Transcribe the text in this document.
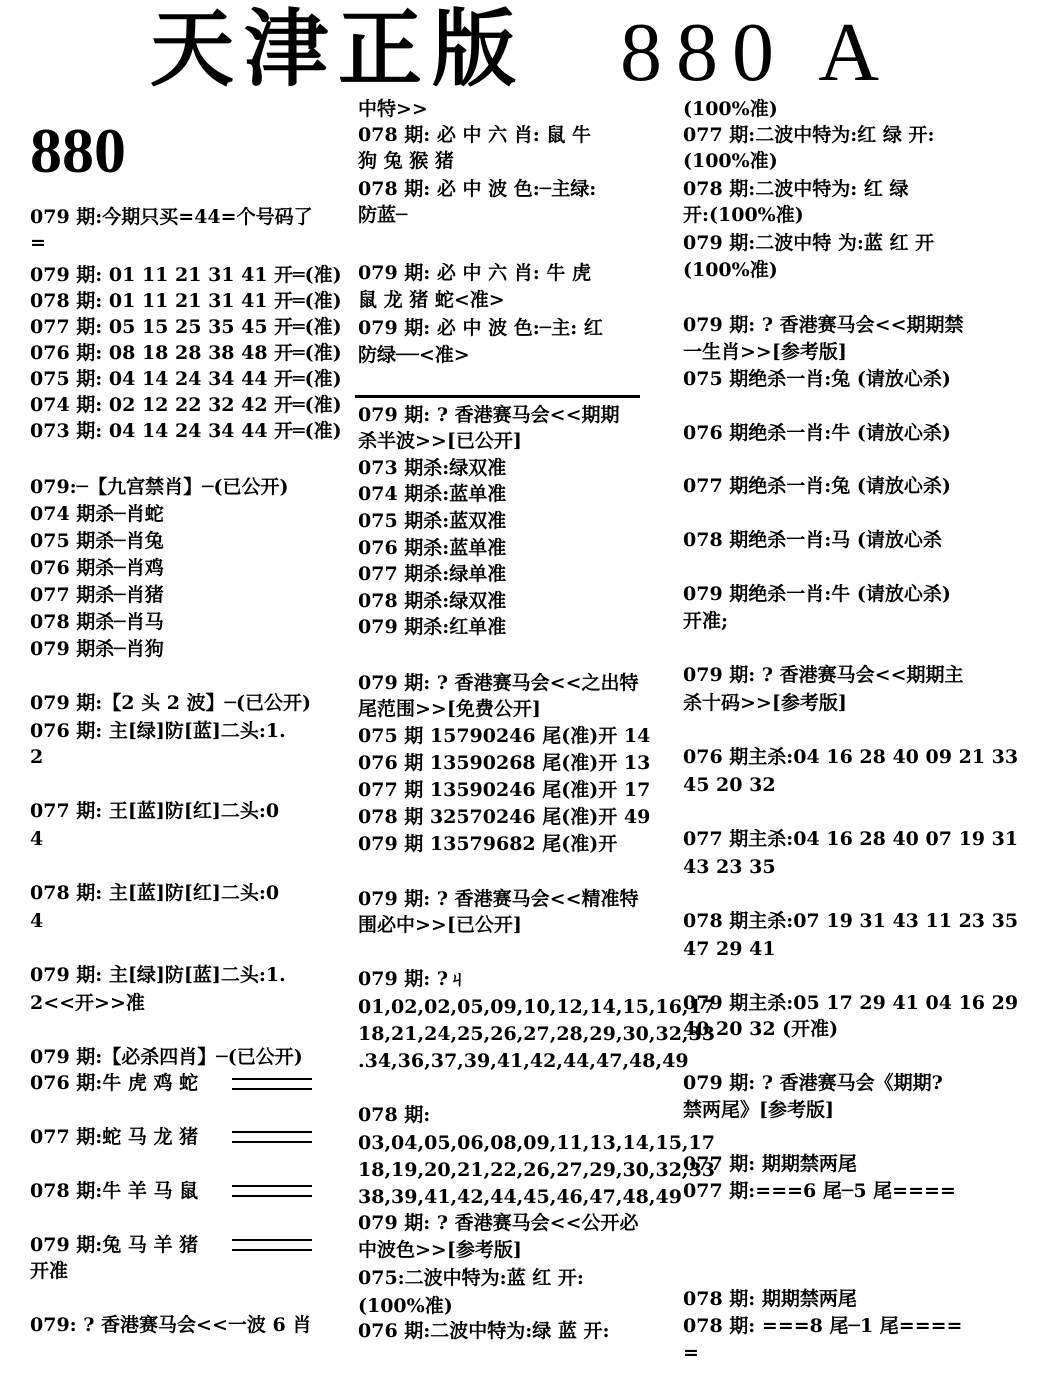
天津正版 880 A
880
079 期:今期只买=44=个号码了
=
079 期: 01 11 21 31 41 开═(准)
078 期: 01 11 21 31 41 开═(准)
077 期: 05 15 25 35 45 开═(准)
076 期: 08 18 28 38 48 开═(准)
075 期: 04 14 24 34 44 开═(准)
074 期: 02 12 22 32 42 开═(准)
073 期: 04 14 24 34 44 开═(准)
079:─【九宫禁肖】─(已公开)
074 期杀─肖蛇
075 期杀─肖兔
076 期杀─肖鸡
077 期杀─肖猪
078 期杀─肖马
079 期杀─肖狗
079 期:【2 头 2 波】─(已公开)
076 期: 主[绿]防[蓝]二头:1.
2
077 期: 王[蓝]防[红]二头:0
4
078 期: 主[蓝]防[红]二头:0
4
079 期: 主[绿]防[蓝]二头:1.
2<<开>>准
079 期:【必杀四肖】─(已公开)
076 期:牛 虎 鸡 蛇
077 期:蛇 马 龙 猪
078 期:牛 羊 马 鼠
079 期:兔 马 羊 猪
开准
079: ? 香港赛马会<<一波 6 肖
中特>>
078 期: 必 中 六 肖: 鼠 牛
狗 兔 猴 猪
078 期: 必 中 波 色:─主绿:
防蓝─
079 期: 必 中 六 肖: 牛 虎
鼠 龙 猪 蛇<准>
079 期: 必 中 波 色:─主: 红
防绿──<准>
079 期: ? 香港赛马会<<期期
杀半波>>[已公开]
073 期杀:绿双准
074 期杀:蓝单准
075 期杀:蓝双准
076 期杀:蓝单准
077 期杀:绿单准
078 期杀:绿双准
079 期杀:红单准
079 期: ? 香港赛马会<<之出特
尾范围>>[免费公开]
075 期 15790246 尾(准)开 14
076 期 13590268 尾(准)开 13
077 期 13590246 尾(准)开 17
078 期 32570246 尾(准)开 49
079 期 13579682 尾(准)开
079 期: ? 香港赛马会<<精准特
围必中>>[已公开]
079 期: ?ㄐ
01,02,02,05,09,10,12,14,15,16,17
18,21,24,25,26,27,28,29,30,32,33
.34,36,37,39,41,42,44,47,48,49
078 期:
03,04,05,06,08,09,11,13,14,15,17
18,19,20,21,22,26,27,29,30,32,33
38,39,41,42,44,45,46,47,48,49
079 期: ? 香港赛马会<<公开必
中波色>>[参考版]
075:二波中特为:蓝 红 开:
(100%准)
076 期:二波中特为:绿 蓝 开:
(100%准)
077 期:二波中特为:红 绿 开:
(100%准)
078 期:二波中特为: 红 绿
开:(100%准)
079 期:二波中特 为:蓝 红 开
(100%准)
079 期: ? 香港赛马会<<期期禁
一生肖>>[参考版]
075 期绝杀一肖:兔 (请放心杀)
076 期绝杀一肖:牛 (请放心杀)
077 期绝杀一肖:兔 (请放心杀)
078 期绝杀一肖:马 (请放心杀
079 期绝杀一肖:牛 (请放心杀)
开准;
079 期: ? 香港赛马会<<期期主
杀十码>>[参考版]
076 期主杀:04 16 28 40 09 21 33
45 20 32
077 期主杀:04 16 28 40 07 19 31
43 23 35
078 期主杀:07 19 31 43 11 23 35
47 29 41
079 期主杀:05 17 29 41 04 16 29
40 20 32 (开准)
079 期: ? 香港赛马会《期期?
禁两尾》[参考版]
077 期: 期期禁两尾
077 期:===6 尾─5 尾====
078 期: 期期禁两尾
078 期: ===8 尾─1 尾====
=
